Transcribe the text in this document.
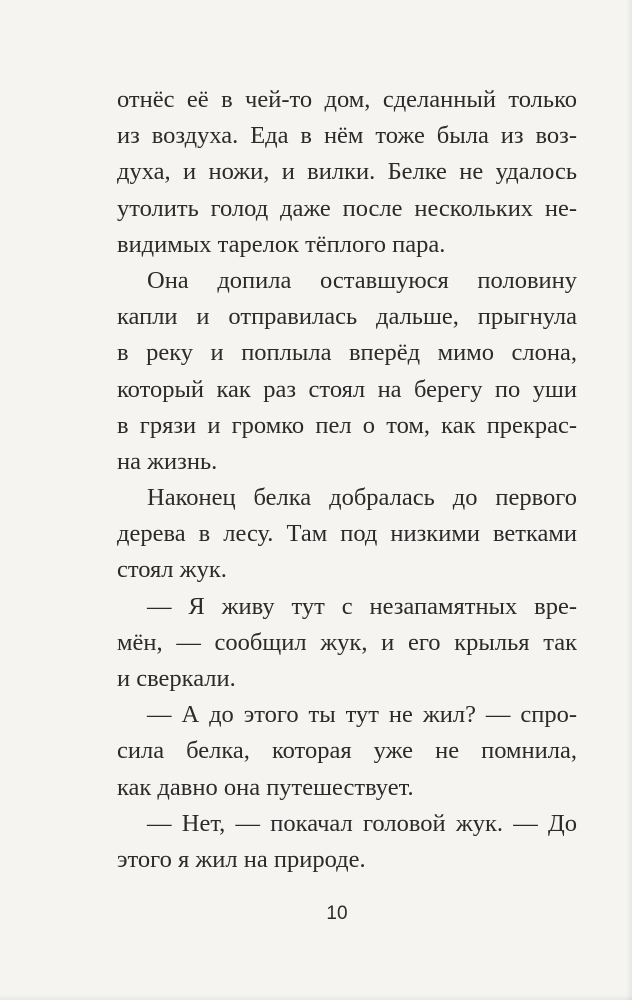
отнёс её в чей-то дом, сделанный только
из воздуха. Еда в нём тоже была из воз-
духа, и ножи, и вилки. Белке не удалось
утолить голод даже после нескольких не-
видимых тарелок тёплого пара.
Она допила оставшуюся половину
капли и отправилась дальше, прыгнула
в реку и поплыла вперёд мимо слона,
который как раз стоял на берегу по уши
в грязи и громко пел о том, как прекрас-
на жизнь.
Наконец белка добралась до первого
дерева в лесу. Там под низкими ветками
стоял жук.
— Я живу тут с незапамятных вре-
мён, — сообщил жук, и его крылья так
и сверкали.
— А до этого ты тут не жил? — спро-
сила белка, которая уже не помнила,
как давно она путешествует.
— Нет, — покачал головой жук. — До
этого я жил на природе.
10
